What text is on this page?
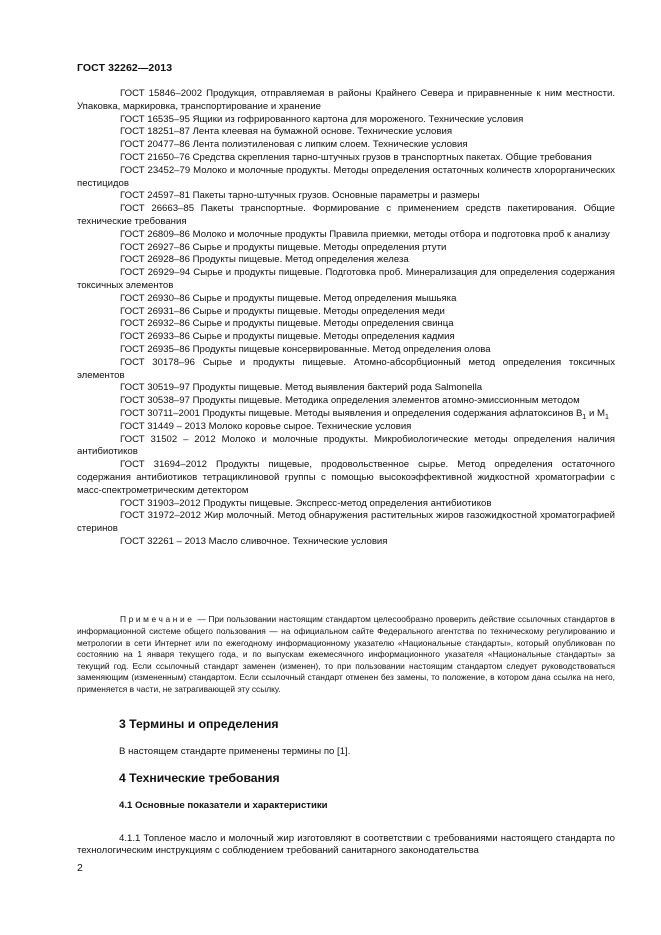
ГОСТ 32262—2013

ГОСТ 15846–2002 Продукция, отправляемая в районы Крайнего Севера и приравненные к ним местности. Упаковка, маркировка, транспортирование и хранение

ГОСТ 16535–95 Ящики из гофрированного картона для мороженого. Технические условия

ГОСТ 18251–87 Лента клеевая на бумажной основе. Технические условия

ГОСТ 20477–86 Лента полиэтиленовая с липким слоем. Технические условия

ГОСТ 21650–76 Средства скрепления тарно-штучных грузов в транспортных пакетах. Общие требования

ГОСТ 23452–79 Молоко и молочные продукты. Методы определения остаточных количеств хлорорганических пестицидов

ГОСТ 24597–81 Пакеты тарно-штучных грузов. Основные параметры и размеры

ГОСТ 26663–85 Пакеты транспортные. Формирование с применением средств пакетирования. Общие технические требования

ГОСТ 26809–86 Молоко и молочные продукты Правила приемки, методы отбора и подготовка проб к анализу

ГОСТ 26927–86 Сырье и продукты пищевые. Методы определения ртути

ГОСТ 26928–86 Продукты пищевые. Метод определения железа

ГОСТ 26929–94 Сырье и продукты пищевые. Подготовка проб. Минерализация для определения содержания токсичных элементов

ГОСТ 26930–86 Сырье и продукты пищевые. Метод определения мышьяка

ГОСТ 26931–86 Сырье и продукты пищевые. Методы определения меди

ГОСТ 26932–86 Сырье и продукты пищевые. Методы определения свинца

ГОСТ 26933–86 Сырье и продукты пищевые. Методы определения кадмия

ГОСТ 26935–86 Продукты пищевые консервированные. Метод определения олова

ГОСТ 30178–96 Сырье и продукты пищевые. Атомно-абсорбционный метод определения токсичных элементов

ГОСТ 30519–97 Продукты пищевые. Метод выявления бактерий рода Salmonella

ГОСТ 30538–97 Продукты пищевые. Методика определения элементов атомно-эмиссионным методом

ГОСТ 30711–2001 Продукты пищевые. Методы выявления и определения содержания афлатоксинов $B_1$ и $M_1$

ГОСТ 31449 – 2013 Молоко коровье сырое. Технические условия

ГОСТ 31502 – 2012 Молоко и молочные продукты. Микробиологические методы определения наличия антибиотиков

ГОСТ 31694–2012 Продукты пищевые, продовольственное сырье. Метод определения остаточного содержания антибиотиков тетрациклиновой группы с помощью высокоэффективной жидкостной хроматографии с масс-спектрометрическим детектором

ГОСТ 31903–2012 Продукты пищевые. Экспресс-метод определения антибиотиков

ГОСТ 31972–2012 Жир молочный. Метод обнаружения растительных жиров газожидкостной хроматографией стеринов

ГОСТ 32261 – 2013 Масло сливочное. Технические условия

Примечание — При пользовании настоящим стандартом целесообразно проверить действие ссылочных стандартов в информационной системе общего пользования — на официальном сайте Федерального агентства по техническому регулированию и метрологии в сети Интернет или по ежегодному информационному указателю «Национальные стандарты», который опубликован по состоянию на 1 января текущего года, и по выпускам ежемесячного информационного указателя «Национальные стандарты» за текущий год. Если ссылочный стандарт заменен (изменен), то при пользовании настоящим стандартом следует руководствоваться заменяющим (измененным) стандартом. Если ссылочный стандарт отменен без замены, то положение, в котором дана ссылка на него, применяется в части, не затрагивающей эту ссылку.

3 Термины и определения
В настоящем стандарте применены термины по [1].
4 Технические требования
4.1 Основные показатели и характеристики

4.1.1 Топленое масло и молочный жир изготовляют в соответствии с требованиями настоящего стандарта по технологическим инструкциям с соблюдением требований санитарного законодательства

2
